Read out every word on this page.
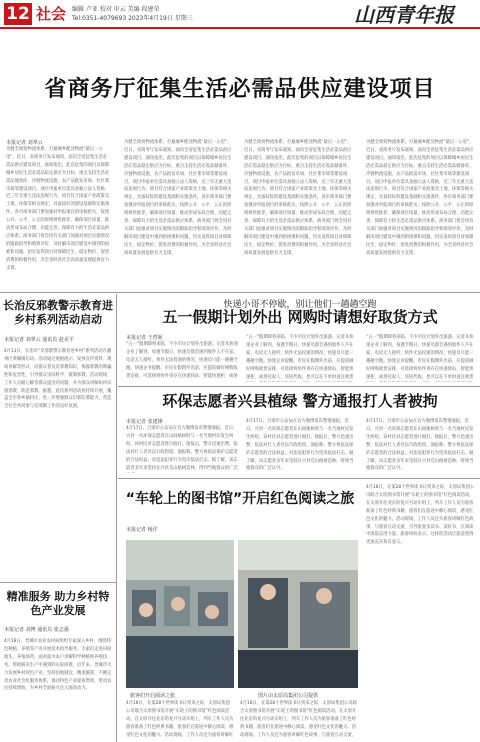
12 社会 编辑 卢亚 校对 申云 美编 段建荣
Tel:0351-4079693 2023年4月19日 星期三	山西青年报
省商务厅征集生活必需品供应建设项目
本报记者 刘翠云
为健全商贸物流体系，打通城乡配送物流“最后一公里”，近日，省商务厅发布通知，面向全省征集生活必需品供应建设项目。通知指出，此次征集的项目以保障城乡居民生活必需品稳定供应为目标，重点支持生活必需品储备库、冷链物流设施、农产品批发市场、社区菜市场等建设项目。项目申报单位需具备独立法人资格，近三年无重大违法违规行为，项目符合国家产业政策及土地、环保等相关规定，具备较好的建设基础和实施条件。各市商务部门要加强对申报项目的审核把关，按照公开、公平、公正的原则择优推荐，确保项目质量，推动形成布局合理、功能完善、保障有力的生活必需品供应体系。商务部门将会同有关部门加强对项目实施情况的跟踪指导和绩效评价，及时解决项目建设中遇到的困难和问题，切实发挥项目对保障民生、稳定物价、促进消费的积极作用，为全省经济社会高质量发展提供有力支撑。
为健全商贸物流体系，打通城乡配送物流“最后一公里”，近日，省商务厅发布通知，面向全省征集生活必需品供应建设项目。通知指出，此次征集的项目以保障城乡居民生活必需品稳定供应为目标，重点支持生活必需品储备库、冷链物流设施、农产品批发市场、社区菜市场等建设项目。项目申报单位需具备独立法人资格，近三年无重大违法违规行为，项目符合国家产业政策及土地、环保等相关规定，具备较好的建设基础和实施条件。各市商务部门要加强对申报项目的审核把关，按照公开、公平、公正的原则择优推荐，确保项目质量，推动形成布局合理、功能完善、保障有力的生活必需品供应体系。商务部门将会同有关部门加强对项目实施情况的跟踪指导和绩效评价，及时解决项目建设中遇到的困难和问题，切实发挥项目对保障民生、稳定物价、促进消费的积极作用，为全省经济社会高质量发展提供有力支撑。
为健全商贸物流体系，打通城乡配送物流“最后一公里”，近日，省商务厅发布通知，面向全省征集生活必需品供应建设项目。通知指出，此次征集的项目以保障城乡居民生活必需品稳定供应为目标，重点支持生活必需品储备库、冷链物流设施、农产品批发市场、社区菜市场等建设项目。项目申报单位需具备独立法人资格，近三年无重大违法违规行为，项目符合国家产业政策及土地、环保等相关规定，具备较好的建设基础和实施条件。各市商务部门要加强对申报项目的审核把关，按照公开、公平、公正的原则择优推荐，确保项目质量，推动形成布局合理、功能完善、保障有力的生活必需品供应体系。商务部门将会同有关部门加强对项目实施情况的跟踪指导和绩效评价，及时解决项目建设中遇到的困难和问题，切实发挥项目对保障民生、稳定物价、促进消费的积极作用，为全省经济社会高质量发展提供有力支撑。
为健全商贸物流体系，打通城乡配送物流“最后一公里”，近日，省商务厅发布通知，面向全省征集生活必需品供应建设项目。通知指出，此次征集的项目以保障城乡居民生活必需品稳定供应为目标，重点支持生活必需品储备库、冷链物流设施、农产品批发市场、社区菜市场等建设项目。项目申报单位需具备独立法人资格，近三年无重大违法违规行为，项目符合国家产业政策及土地、环保等相关规定，具备较好的建设基础和实施条件。各市商务部门要加强对申报项目的审核把关，按照公开、公平、公正的原则择优推荐，确保项目质量，推动形成布局合理、功能完善、保障有力的生活必需品供应体系。商务部门将会同有关部门加强对项目实施情况的跟踪指导和绩效评价，及时解决项目建设中遇到的困难和问题，切实发挥项目对保障民生、稳定物价、促进消费的积极作用，为全省经济社会高质量发展提供有力支撑。
长治反邪教警示教育进乡村系列活动启动
本报记者 刘翠云 通讯员 赵美平
4月13日，长治市“反邪教警示教育进乡村”系列活动在潞州区黄碾镇启动。活动通过展板展示、发放宣传资料、现场讲解等形式，向群众普及反邪教知识，揭露邪教的欺骗性和危害性，引导群众崇尚科学、抵制邪教。活动现场，工作人员耐心解答群众提出的问题，并为群众讲解如何识别邪教、防范邪教。据悉，此次系列活动将持续开展，覆盖全市各乡镇村庄，进一步增强群众识邪防邪能力，营造全社会共同参与反邪教工作的良好氛围。
精准服务 助力乡村特色产业发展
本报记者 刘博 通讯员 张志强
4月18日，晋城市农业农村局组织专家深入乡村，围绕特色种植、养殖等产业开展技术指导服务。专家们走进田间地头、养殖场所，面对面为农户讲解科学种植和养殖技术，帮助解决生产中遇到的实际困难。近年来，晋城市大力发展乡村特色产业，坚持因地制宜、精准施策，不断完善农业社会化服务体系，推动特色产业提质增效，带动农民持续增收，为乡村全面振兴注入强劲动力。
快递小哥不停歇，别让他们一趟趟空跑
五一假期计划外出 网购时请想好取货方式
本报记者 王哲妮
“五一”假期即将来临，不少市民计划外出旅游。记者从快递企业了解到，每逢节假日，快递员都会遇到收件人不在家、电话无人接听、快件无法投递的情况，快递员只能一趟趟空跑。快递企业提醒，市民在假期外出前，应提前做好网购收货安排，可选择将快件寄存在快递驿站、智能快递柜，或委
“五一”假期即将来临，不少市民计划外出旅游。记者从快递企业了解到，每逢节假日，快递员都会遇到收件人不在家、电话无人接听、快件无法投递的情况，快递员只能一趟趟空跑。快递企业提醒，市民在假期外出前，应提前做好网购收货安排，可选择将快件寄存在快递驿站、智能快递柜，或委托家人、邻居代收，也可以在下单时备注收货
“五一”假期即将来临，不少市民计划外出旅游。记者从快递企业了解到，每逢节假日，快递员都会遇到收件人不在家、电话无人接听、快件无法投递的情况，快递员只能一趟趟空跑。快递企业提醒，市民在假期外出前，应提前做好网购收货安排，可选择将快件寄存在快递驿站、智能快递柜，或委托家人、邻居代收，也可以在下单时备注收货
环保志愿者兴县植绿 警方通报打人者被拘
本报记者 张建锋
4月17日，吕梁市公安局在官方微博发布警情通报，近日，兴县一名环保志愿者在山间植树时与一名当地村民发生纠纷，该村民对志愿者进行殴打。接报后，警方迅速出警，依法对打人者处以行政拘留。通报称，警方将依法保护志愿者的合法权益，对违法犯罪行为坚决依法打击。据了解，该志愿者多年来坚持在兴县荒山植树造林，得到当地群众的广泛
4月17日，吕梁市公安局在官方微博发布警情通报，近日，兴县一名环保志愿者在山间植树时与一名当地村民发生纠纷，该村民对志愿者进行殴打。接报后，警方迅速出警，依法对打人者处以行政拘留。通报称，警方将依法保护志愿者的合法权益，对违法犯罪行为坚决依法打击。据了解，该志愿者多年来坚持在兴县荒山植树造林，得到当地群众的广泛认可。
4月17日，吕梁市公安局在官方微博发布警情通报，近日，兴县一名环保志愿者在山间植树时与一名当地村民发生纠纷，该村民对志愿者进行殴打。接报后，警方迅速出警，依法对打人者处以行政拘留。通报称，警方将依法保护志愿者的合法权益，对违法犯罪行为坚决依法打击。据了解，该志愿者多年来坚持在兴县荒山植树造林，得到当地群众的广泛认可。
“车轮上的图书馆”开启红色阅读之旅
旅客们开启阅读之旅	图片由太原局集团公司提供
本报记者 杨洋
4月18日，在第28个世界读书日到来之际，太原局集团公司联合太原图书馆开展“车轮上的图书馆”红色阅读活动。在太原开往北京的复兴号动车组上，列车工作人员为旅客准备了红色经典书籍，旅客们在旅途中静心阅读，感受红色文化的魅力。活动现场，工作人员还为旅客讲解红色故事，与旅客互动交流，
4月18日，在第28个世界读书日到来之际，太原局集团公司联合太原图书馆开展“车轮上的图书馆”红色阅读活动。在太原开往北京的复兴号动车组上，列车工作人员为旅客准备了红色经典书籍，旅客们在旅途中静心阅读，感受红色文化的魅力。活动现场，工作人员还为旅客讲解红
4月18日，在第28个世界读书日到来之际，太原局集团公司联合太原图书馆开展“车轮上的图书馆”红色阅读活动。在太原开往北京的复兴号动车组上，列车工作人员为旅客准备了红色经典书籍，旅客们在旅途中静心阅读，感受红色文化的魅力。活动现场，工作人员还为旅客讲解红色故事，与旅客互动交流，引导旅客多读书、读好书，在阅读中汲取奋进力量。旅客纷纷表示，这样的活动让旅途变得更加充实和有意义。
